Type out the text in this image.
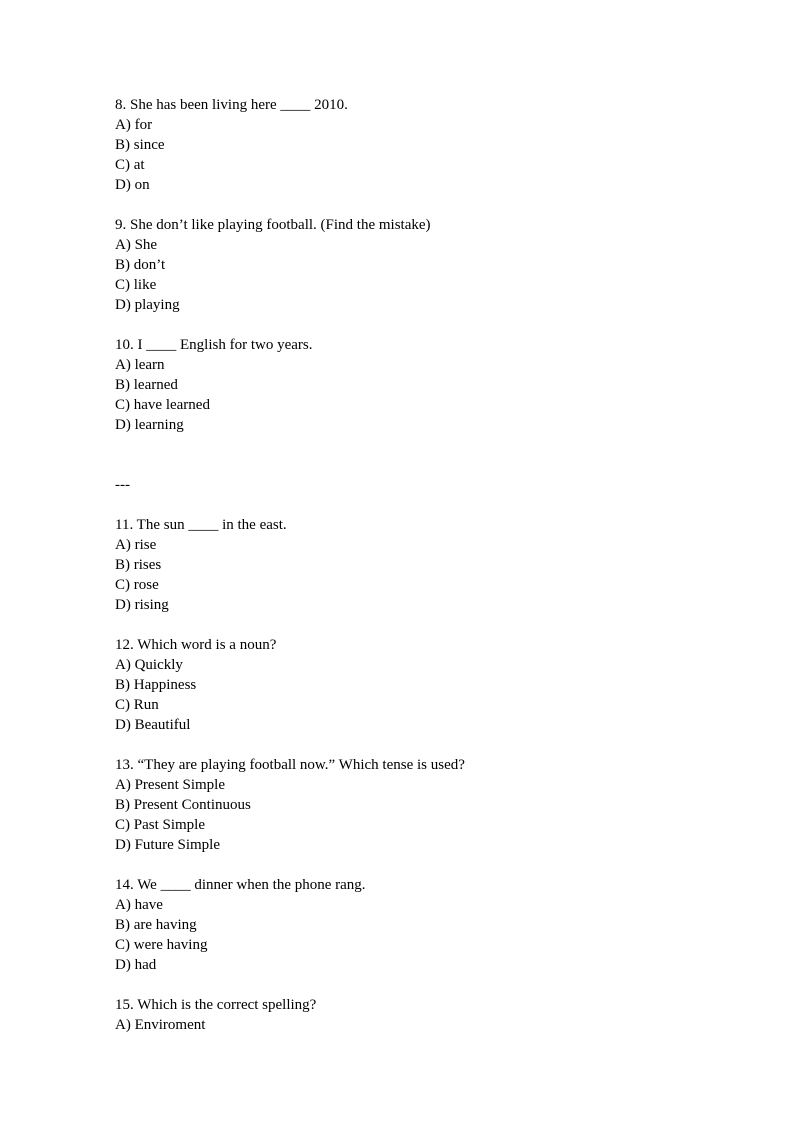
8. She has been living here ____ 2010.
A) for
B) since
C) at
D) on
9. She don’t like playing football. (Find the mistake)
A) She
B) don’t
C) like
D) playing
10. I ____ English for two years.
A) learn
B) learned
C) have learned
D) learning
---
11. The sun ____ in the east.
A) rise
B) rises
C) rose
D) rising
12. Which word is a noun?
A) Quickly
B) Happiness
C) Run
D) Beautiful
13. “They are playing football now.” Which tense is used?
A) Present Simple
B) Present Continuous
C) Past Simple
D) Future Simple
14. We ____ dinner when the phone rang.
A) have
B) are having
C) were having
D) had
15. Which is the correct spelling?
A) Enviroment
